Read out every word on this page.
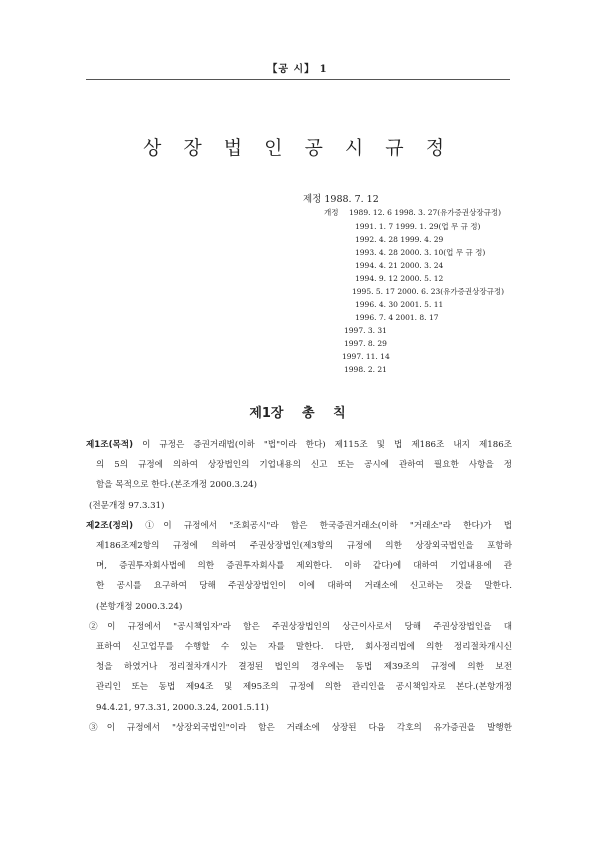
【공 시】 1
상 장 법 인 공 시 규 정
제정 1988. 7. 12
개정 1989. 12. 6 1998. 3. 27(유가증권상장규정)
1991. 1. 7 1999. 1. 29(업 무 규 정)
1992. 4. 28 1999. 4. 29
1993. 4. 28 2000. 3. 10(업 무 규 정)
1994. 4. 21 2000. 3. 24
1994. 9. 12 2000. 5. 12
1995. 5. 17 2000. 6. 23(유가증권상장규정)
1996. 4. 30 2001. 5. 11
1996. 7. 4 2001. 8. 17
1997. 3. 31
1997. 8. 29
1997. 11. 14
1998. 2. 21
제1장 총 칙
제1조(목적) 이 규정은 증권거래법(이하 "법"이라 한다) 제115조 및 법 제186조 내지 제186조
의 5의 규정에 의하여 상장법인의 기업내용의 신고 또는 공시에 관하여 필요한 사항을 정
함을 목적으로 한다.(본조개정 2000.3.24)
(전문개정 97.3.31)
제2조(정의) ①이 규정에서 "조회공시"라 함은 한국증권거래소(이하 "거래소"라 한다)가 법
제186조제2항의 규정에 의하여 주권상장법인(제3항의 규정에 의한 상장외국법인을 포함하
며, 증권투자회사법에 의한 증권투자회사를 제외한다. 이하 같다)에 대하여 기업내용에 관
한 공시를 요구하여 당해 주권상장법인이 이에 대하여 거래소에 신고하는 것을 말한다.
(본항개정 2000.3.24)
②이 규정에서 "공시책임자"라 함은 주권상장법인의 상근이사로서 당해 주권상장법인을 대
표하여 신고업무를 수행할 수 있는 자를 말한다. 다만, 회사정리법에 의한 정리절차개시신
청을 하였거나 정리절차개시가 결정된 법인의 경우에는 동법 제39조의 규정에 의한 보전
관리인 또는 동법 제94조 및 제95조의 규정에 의한 관리인을 공시책임자로 본다.(본항개정
94.4.21, 97.3.31, 2000.3.24, 2001.5.11)
③이 규정에서 "상장외국법인"이라 함은 거래소에 상장된 다음 각호의 유가증권을 발행한
